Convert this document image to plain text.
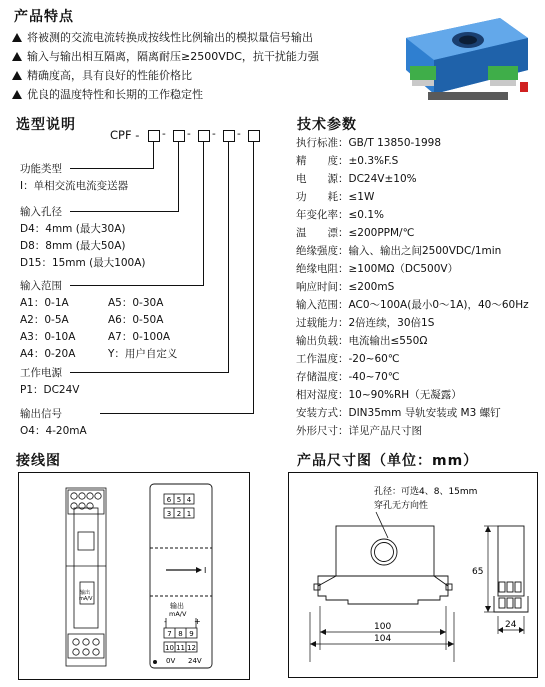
产品特点
将被测的交流电流转换成按线性比例输出的模拟量信号输出
输入与输出相互隔离，隔离耐压≥2500VDC，抗干扰能力强
精确度高，具有良好的性能价格比
优良的温度特性和长期的工作稳定性
选型说明
CPF - - - - -
功能类型
I：单相交流电流变送器
输入孔径
D4：4mm (最大30A)
D8：8mm (最大50A)
D15：15mm (最大100A)
输入范围
A1：0-1A
A2：0-5A
A3：0-10A
A4：0-20A
A5：0-30A
A6：0-50A
A7：0-100A
Y：用户自定义
工作电源
P1：DC24V
输出信号
O4：4-20mA
技术参数
执行标准：GB/T 13850-1998
精　　度：±0.3%F.S
电　　源：DC24V±10%
功　　耗：≤1W
年变化率：≤0.1%
温　　漂：≤200PPM/℃
绝缘强度：输入、输出之间2500VDC/1min
绝缘电阻：≥100MΩ（DC500V）
响应时间：≤200mS
输入范围：AC0～100A(最小0～1A)，40～60Hz
过载能力：2倍连续，30倍1S
输出负载：电流输出≤550Ω
工作温度：-20~60℃
存储温度：-40~70℃
相对湿度：10~90%RH（无凝露）
安装方式：DIN35mm 导轨安装或 M3 螺钉
外形尺寸：详见产品尺寸图
接线图
输出
mA/V
6 5 4
3 2 1
I
输出
mA/V
-	+
7 8 9
10 11 12
0V 24V
产品尺寸图（单位：mm）
孔径：可选4、8、15mm
穿孔无方向性
100
104
65
24
